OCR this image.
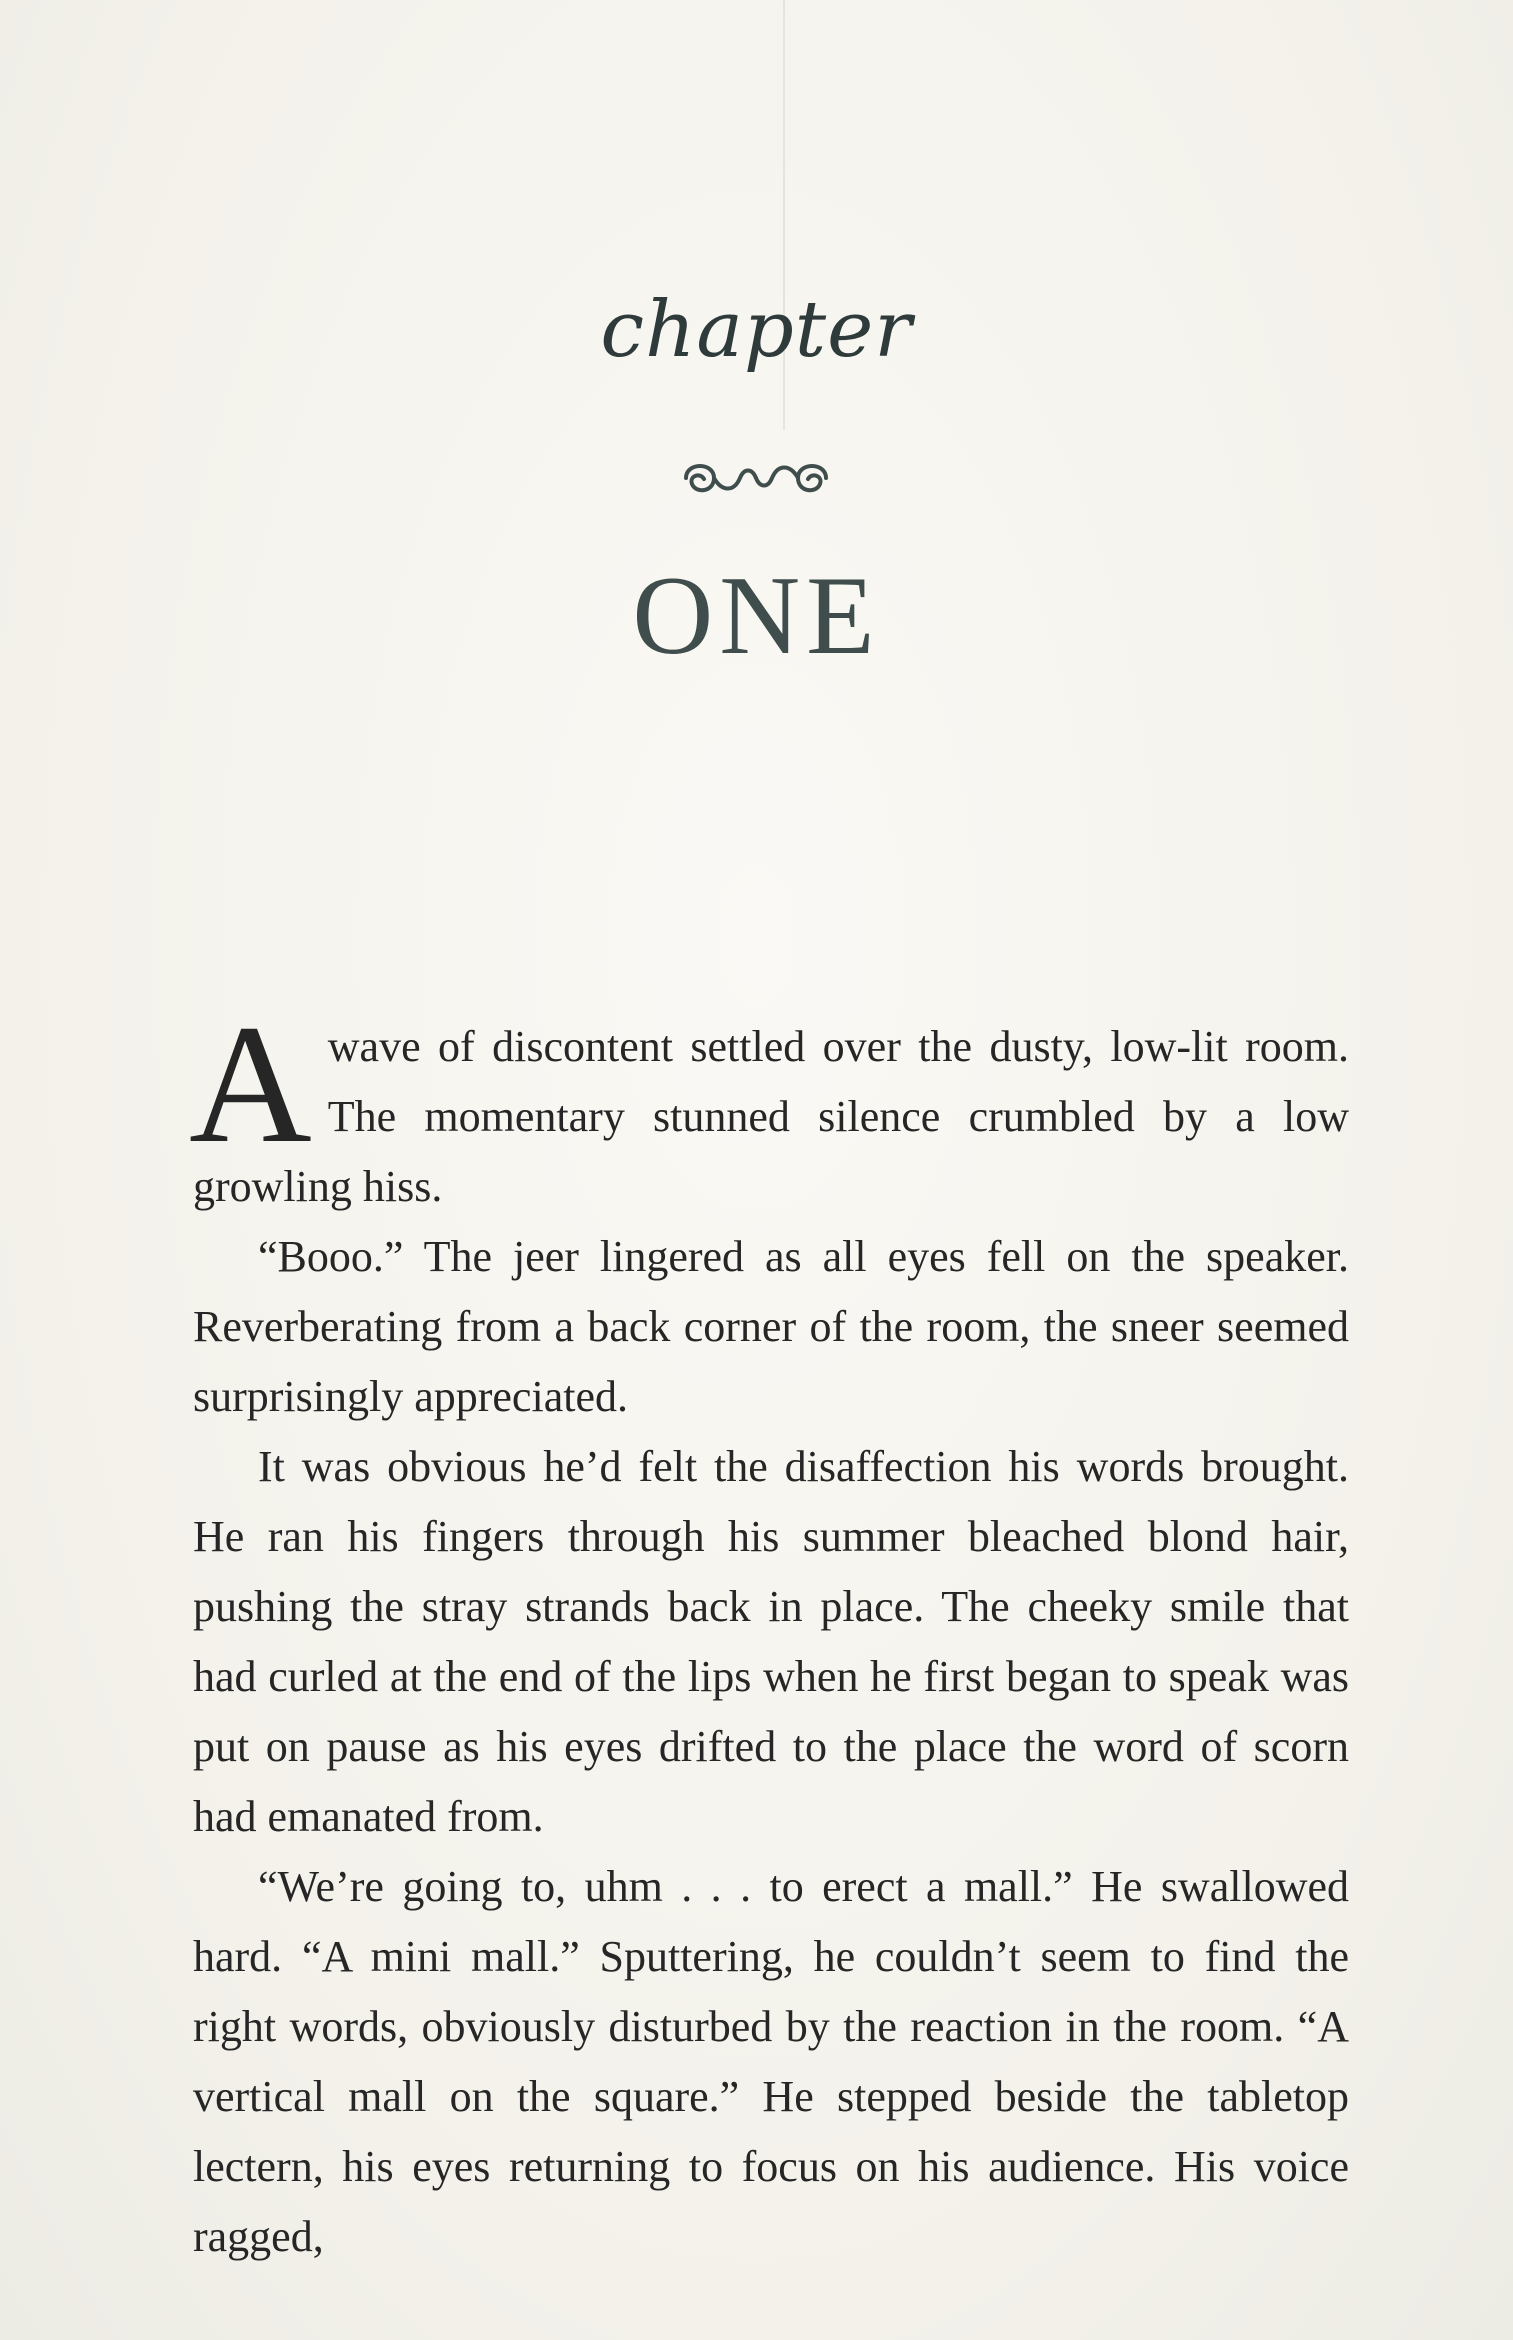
chapter
ONE

A wave of discontent settled over the dusty, low-lit room. The momentary stunned silence crumbled by a low growling hiss.

“Booo.” The jeer lingered as all eyes fell on the speaker. Reverberating from a back corner of the room, the sneer seemed surprisingly appreciated.

It was obvious he’d felt the disaffection his words brought. He ran his fingers through his summer bleached blond hair, pushing the stray strands back in place. The cheeky smile that had curled at the end of the lips when he first began to speak was put on pause as his eyes drifted to the place the word of scorn had emanated from.

“We’re going to, uhm . . . to erect a mall.” He swallowed hard. “A mini mall.” Sputtering, he couldn’t seem to find the right words, obviously disturbed by the reaction in the room. “A vertical mall on the square.” He stepped beside the tabletop lectern, his eyes returning to focus on his audience. His voice ragged,
